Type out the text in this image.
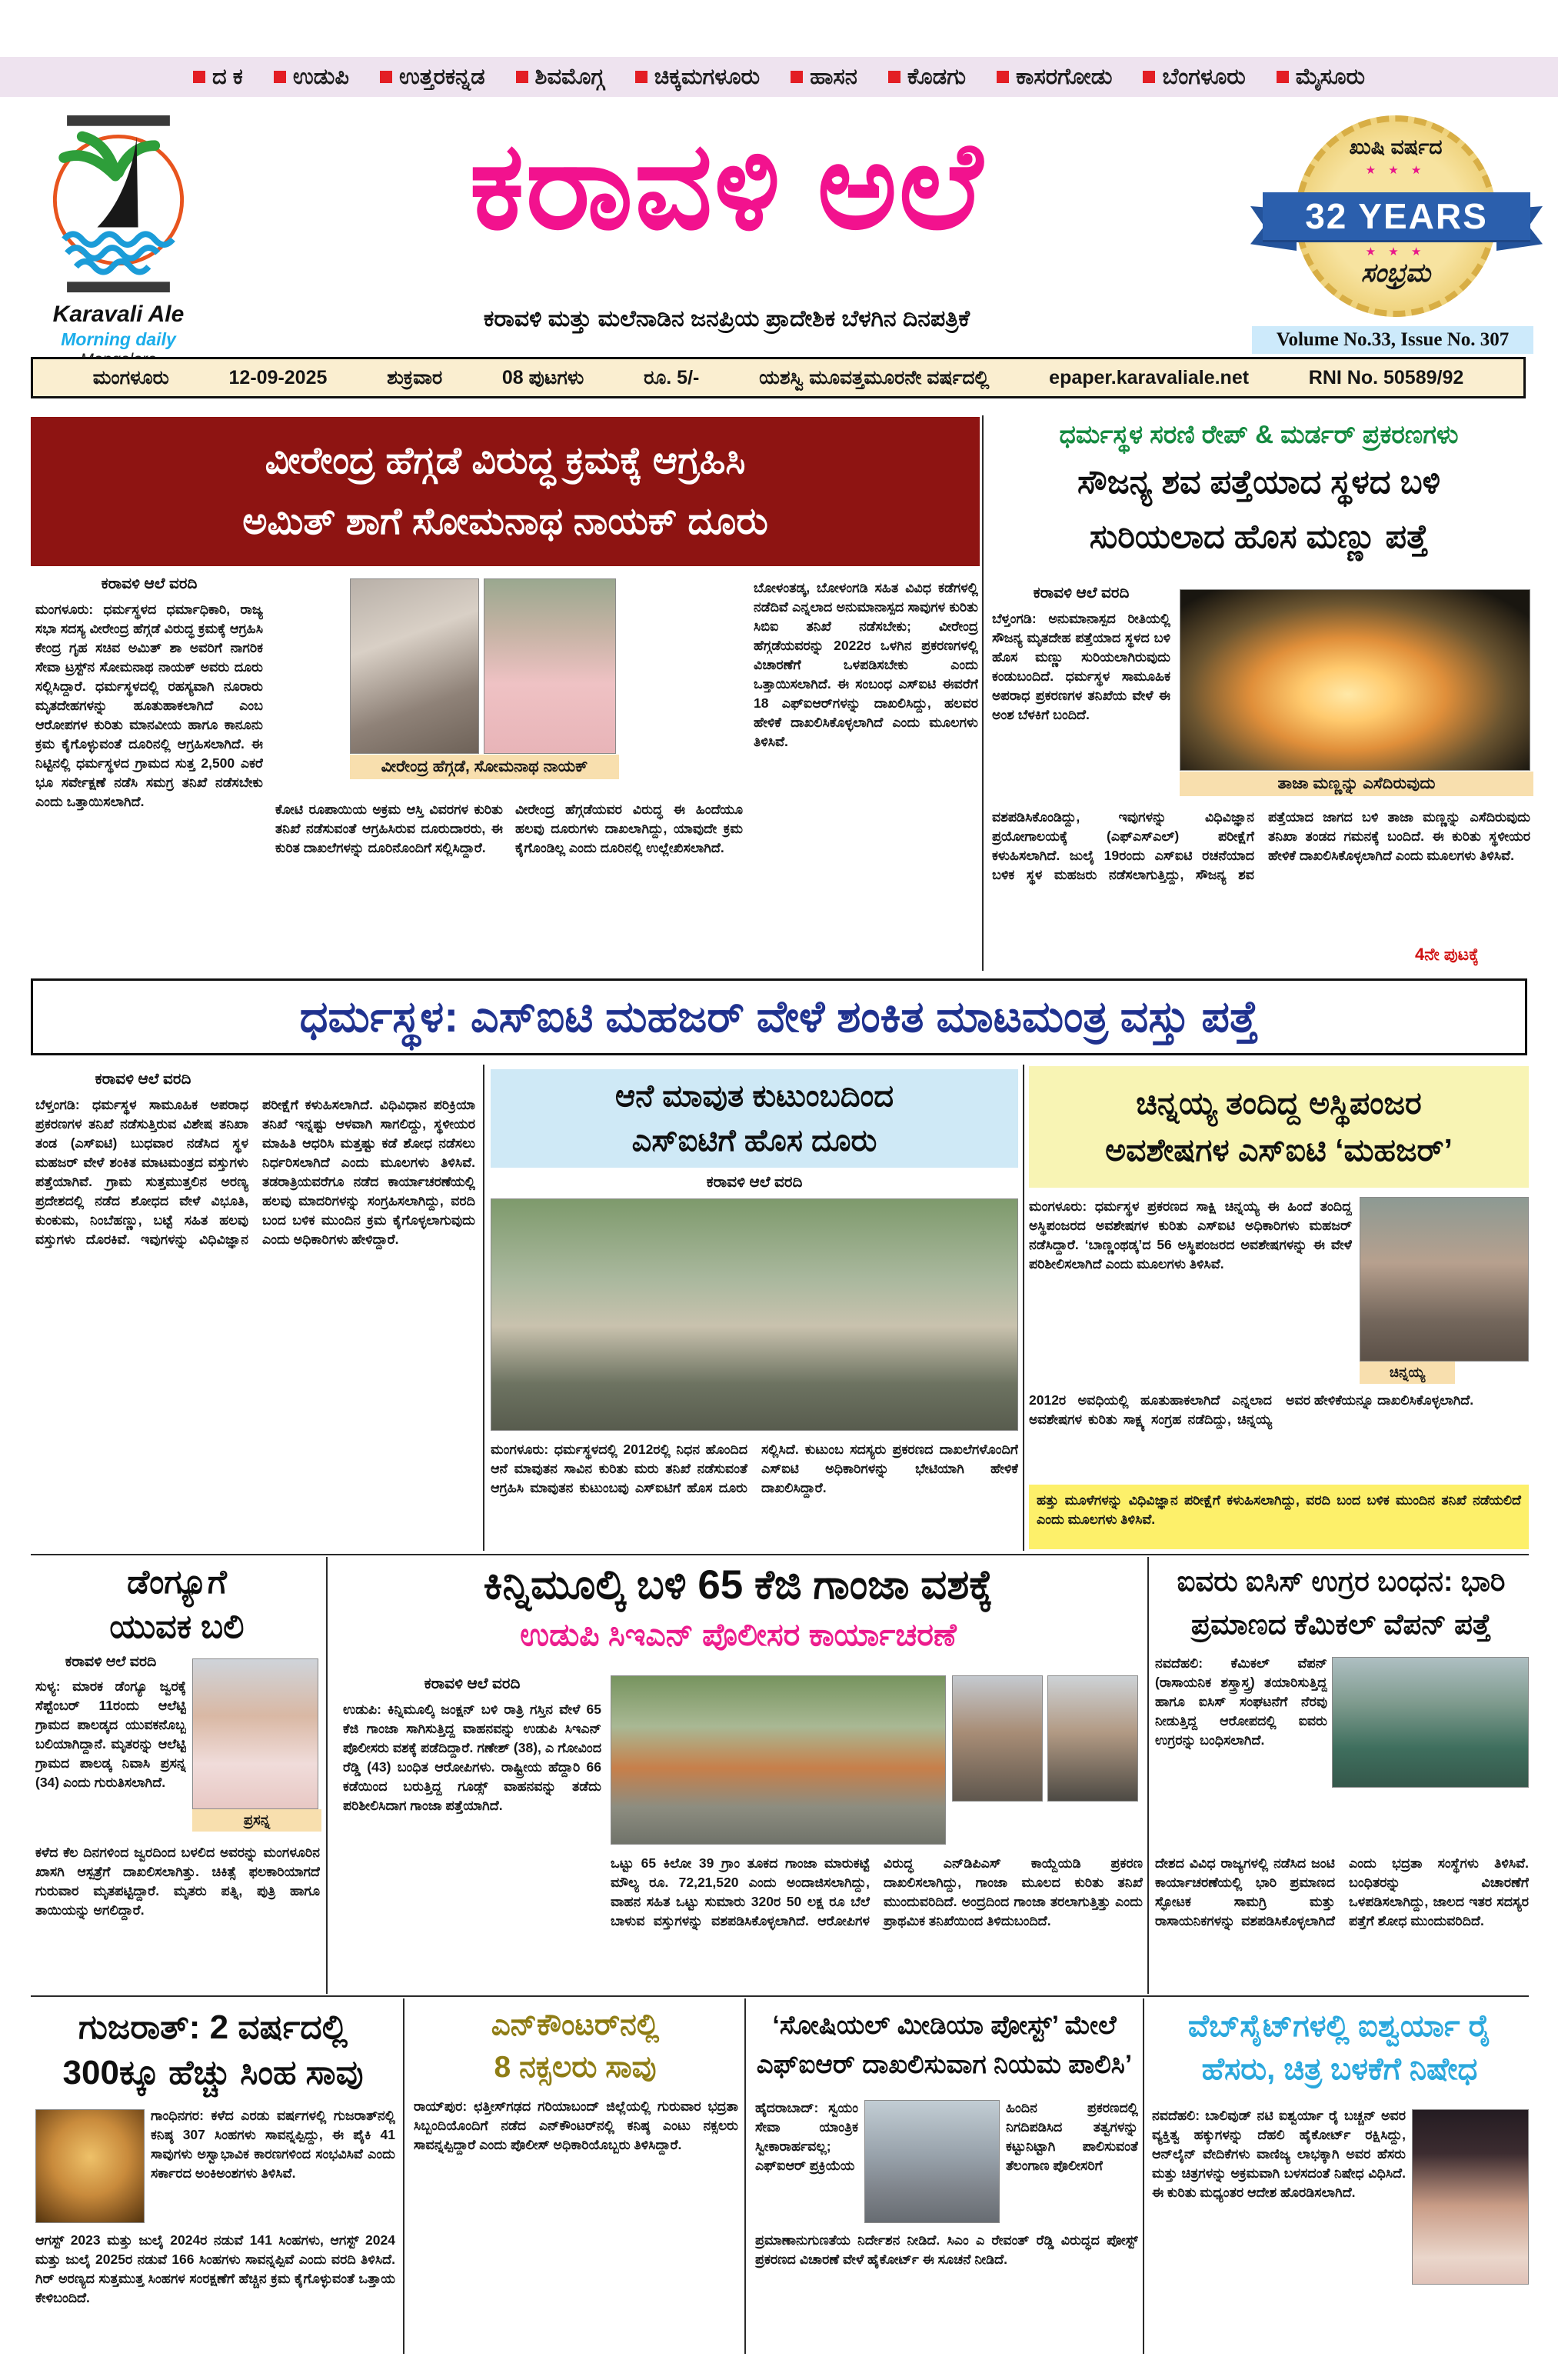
ದ ಕ ಉಡುಪಿ ಉತ್ತರಕನ್ನಡ ಶಿವಮೊಗ್ಗ ಚಿಕ್ಕಮಗಳೂರು ಹಾಸನ ಕೊಡಗು ಕಾಸರಗೋಡು ಬೆಂಗಳೂರು ಮೈಸೂರು
Karavali Ale
Morning daily
ಕರಾವಳಿ ಅಲೆ
ಕರಾವಳಿ ಮತ್ತು ಮಲೆನಾಡಿನ ಜನಪ್ರಿಯ ಪ್ರಾದೇಶಿಕ ಬೆಳಗಿನ ದಿನಪತ್ರಿಕೆ
ಖುಷಿ ವರ್ಷದ
★ ★ ★
32 YEARS
★ ★ ★
ಸಂಭ್ರಮ
Volume No.33, Issue No. 307
ಮಂಗಳೂರು	12-09-2025	ಶುಕ್ರವಾರ	08 ಪುಟಗಳು	ರೂ. 5/-	ಯಶಸ್ವಿ ಮೂವತ್ತಮೂರನೇ ವರ್ಷದಲ್ಲಿ	epaper.karavaliale.net	RNI No. 50589/92
ವೀರೇಂದ್ರ ಹೆಗ್ಗಡೆ ವಿರುದ್ಧ ಕ್ರಮಕ್ಕೆ ಆಗ್ರಹಿಸಿ
ಅಮಿತ್ ಶಾಗೆ ಸೋಮನಾಥ ನಾಯಕ್ ದೂರು
ಕರಾವಳಿ ಆಲೆ ವರದಿ
ಮಂಗಳೂರು: ಧರ್ಮಸ್ಥಳದ ಧರ್ಮಾಧಿಕಾರಿ, ರಾಜ್ಯ ಸಭಾ ಸದಸ್ಯ ವೀರೇಂದ್ರ ಹೆಗ್ಗಡೆ ವಿರುದ್ಧ ಕ್ರಮಕ್ಕೆ ಆಗ್ರಹಿಸಿ ಕೇಂದ್ರ ಗೃಹ ಸಚಿವ ಅಮಿತ್ ಶಾ ಅವರಿಗೆ ನಾಗರಿಕ ಸೇವಾ ಟ್ರಸ್ಟ್‌ನ ಸೋಮನಾಥ ನಾಯಕ್ ಅವರು ದೂರು ಸಲ್ಲಿಸಿದ್ದಾರೆ. ಧರ್ಮಸ್ಥಳದಲ್ಲಿ ರಹಸ್ಯವಾಗಿ ನೂರಾರು ಮೃತದೇಹಗಳನ್ನು ಹೂತುಹಾಕಲಾಗಿದೆ ಎಂಬ ಆರೋಪಗಳ ಕುರಿತು ಮಾನವೀಯ ಹಾಗೂ ಕಾನೂನು ಕ್ರಮ ಕೈಗೊಳ್ಳುವಂತೆ ದೂರಿನಲ್ಲಿ ಆಗ್ರಹಿಸಲಾಗಿದೆ. ಈ ನಿಟ್ಟಿನಲ್ಲಿ ಧರ್ಮಸ್ಥಳದ ಗ್ರಾಮದ ಸುತ್ತ 2,500 ಎಕರೆ ಭೂ ಸರ್ವೇಕ್ಷಣೆ ನಡೆಸಿ ಸಮಗ್ರ ತನಿಖೆ ನಡೆಸಬೇಕು ಎಂದು ಒತ್ತಾಯಿಸಲಾಗಿದೆ.
ವೀರೇಂದ್ರ ಹೆಗ್ಗಡೆ, ಸೋಮನಾಥ ನಾಯಕ್
ಕೋಟಿ ರೂಪಾಯಿಯ ಅಕ್ರಮ ಆಸ್ತಿ ವಿವರಗಳ ಕುರಿತು ತನಿಖೆ ನಡೆಸುವಂತೆ ಆಗ್ರಹಿಸಿರುವ ದೂರುದಾರರು, ಈ ಕುರಿತ ದಾಖಲೆಗಳನ್ನು ದೂರಿನೊಂದಿಗೆ ಸಲ್ಲಿಸಿದ್ದಾರೆ.
ವೀರೇಂದ್ರ ಹೆಗ್ಗಡೆಯವರ ವಿರುದ್ಧ ಈ ಹಿಂದೆಯೂ ಹಲವು ದೂರುಗಳು ದಾಖಲಾಗಿದ್ದು, ಯಾವುದೇ ಕ್ರಮ ಕೈಗೊಂಡಿಲ್ಲ ಎಂದು ದೂರಿನಲ್ಲಿ ಉಲ್ಲೇಖಿಸಲಾಗಿದೆ.
ಬೋಳಂತಡ್ಕ, ಬೋಳಂಗಡಿ ಸಹಿತ ವಿವಿಧ ಕಡೆಗಳಲ್ಲಿ ನಡೆದಿವೆ ಎನ್ನಲಾದ ಅನುಮಾನಾಸ್ಪದ ಸಾವುಗಳ ಕುರಿತು ಸಿಬಿಐ ತನಿಖೆ ನಡೆಸಬೇಕು; ವೀರೇಂದ್ರ ಹೆಗ್ಗಡೆಯವರನ್ನು 2022ರ ಒಳಗಿನ ಪ್ರಕರಣಗಳಲ್ಲಿ ವಿಚಾರಣೆಗೆ ಒಳಪಡಿಸಬೇಕು ಎಂದು ಒತ್ತಾಯಿಸಲಾಗಿದೆ. ಈ ಸಂಬಂಧ ಎಸ್‌ಐಟಿ ಈವರೆಗೆ 18 ಎಫ್‌ಐಆರ್‌ಗಳನ್ನು ದಾಖಲಿಸಿದ್ದು, ಹಲವರ ಹೇಳಿಕೆ ದಾಖಲಿಸಿಕೊಳ್ಳಲಾಗಿದೆ ಎಂದು ಮೂಲಗಳು ತಿಳಿಸಿವೆ.
ಧರ್ಮಸ್ಥಳ ಸರಣಿ ರೇಪ್ & ಮರ್ಡರ್ ಪ್ರಕರಣಗಳು
ಸೌಜನ್ಯ ಶವ ಪತ್ತೆಯಾದ ಸ್ಥಳದ ಬಳಿ
ಸುರಿಯಲಾದ ಹೊಸ ಮಣ್ಣು ಪತ್ತೆ
ಕರಾವಳಿ ಆಲೆ ವರದಿ
ತಾಜಾ ಮಣ್ಣನ್ನು ಎಸೆದಿರುವುದು
ಬೆಳ್ತಂಗಡಿ: ಅನುಮಾನಾಸ್ಪದ ರೀತಿಯಲ್ಲಿ ಸೌಜನ್ಯ ಮೃತದೇಹ ಪತ್ತೆಯಾದ ಸ್ಥಳದ ಬಳಿ ಹೊಸ ಮಣ್ಣು ಸುರಿಯಲಾಗಿರುವುದು ಕಂಡುಬಂದಿದೆ. ಧರ್ಮಸ್ಥಳ ಸಾಮೂಹಿಕ ಅಪರಾಧ ಪ್ರಕರಣಗಳ ತನಿಖೆಯ ವೇಳೆ ಈ ಅಂಶ ಬೆಳಕಿಗೆ ಬಂದಿದೆ.
ವಶಪಡಿಸಿಕೊಂಡಿದ್ದು, ಇವುಗಳನ್ನು ವಿಧಿವಿಜ್ಞಾನ ಪ್ರಯೋಗಾಲಯಕ್ಕೆ (ಎಫ್‌ಎಸ್‌ಎಲ್) ಪರೀಕ್ಷೆಗೆ ಕಳುಹಿಸಲಾಗಿದೆ. ಜುಲೈ 19ರಂದು ಎಸ್‌ಐಟಿ ರಚನೆಯಾದ ಬಳಿಕ ಸ್ಥಳ ಮಹಜರು ನಡೆಸಲಾಗುತ್ತಿದ್ದು, ಸೌಜನ್ಯ ಶವ ಪತ್ತೆಯಾದ ಜಾಗದ ಬಳಿ ತಾಜಾ ಮಣ್ಣನ್ನು ಎಸೆದಿರುವುದು ತನಿಖಾ ತಂಡದ ಗಮನಕ್ಕೆ ಬಂದಿದೆ. ಈ ಕುರಿತು ಸ್ಥಳೀಯರ ಹೇಳಿಕೆ ದಾಖಲಿಸಿಕೊಳ್ಳಲಾಗಿದೆ ಎಂದು ಮೂಲಗಳು ತಿಳಿಸಿವೆ.
4ನೇ ಪುಟಕ್ಕೆ
ಧರ್ಮಸ್ಥಳ: ಎಸ್‌ಐಟಿ ಮಹಜರ್ ವೇಳೆ ಶಂಕಿತ ಮಾಟಮಂತ್ರ ವಸ್ತು ಪತ್ತೆ
ಕರಾವಳಿ ಆಲೆ ವರದಿ
ಬೆಳ್ತಂಗಡಿ: ಧರ್ಮಸ್ಥಳ ಸಾಮೂಹಿಕ ಅಪರಾಧ ಪ್ರಕರಣಗಳ ತನಿಖೆ ನಡೆಸುತ್ತಿರುವ ವಿಶೇಷ ತನಿಖಾ ತಂಡ (ಎಸ್‌ಐಟಿ) ಬುಧವಾರ ನಡೆಸಿದ ಸ್ಥಳ ಮಹಜರ್ ವೇಳೆ ಶಂಕಿತ ಮಾಟಮಂತ್ರದ ವಸ್ತುಗಳು ಪತ್ತೆಯಾಗಿವೆ. ಗ್ರಾಮ ಸುತ್ತಮುತ್ತಲಿನ ಅರಣ್ಯ ಪ್ರದೇಶದಲ್ಲಿ ನಡೆದ ಶೋಧದ ವೇಳೆ ವಿಭೂತಿ, ಕುಂಕುಮ, ನಿಂಬೆಹಣ್ಣು, ಬಟ್ಟೆ ಸಹಿತ ಹಲವು ವಸ್ತುಗಳು ದೊರಕಿವೆ. ಇವುಗಳನ್ನು ವಿಧಿವಿಜ್ಞಾನ ಪರೀಕ್ಷೆಗೆ ಕಳುಹಿಸಲಾಗಿದೆ. ವಿಧಿವಿಧಾನ ಪರಿಕ್ರಿಯಾ ತನಿಖೆ ಇನ್ನಷ್ಟು ಆಳವಾಗಿ ಸಾಗಲಿದ್ದು, ಸ್ಥಳೀಯರ ಮಾಹಿತಿ ಆಧರಿಸಿ ಮತ್ತಷ್ಟು ಕಡೆ ಶೋಧ ನಡೆಸಲು ನಿರ್ಧರಿಸಲಾಗಿದೆ ಎಂದು ಮೂಲಗಳು ತಿಳಿಸಿವೆ. ತಡರಾತ್ರಿಯವರೆಗೂ ನಡೆದ ಕಾರ್ಯಾಚರಣೆಯಲ್ಲಿ ಹಲವು ಮಾದರಿಗಳನ್ನು ಸಂಗ್ರಹಿಸಲಾಗಿದ್ದು, ವರದಿ ಬಂದ ಬಳಿಕ ಮುಂದಿನ ಕ್ರಮ ಕೈಗೊಳ್ಳಲಾಗುವುದು ಎಂದು ಅಧಿಕಾರಿಗಳು ಹೇಳಿದ್ದಾರೆ.
ಆನೆ ಮಾವುತ ಕುಟುಂಬದಿಂದ
ಎಸ್‌ಐಟಿಗೆ ಹೊಸ ದೂರು
ಕರಾವಳಿ ಆಲೆ ವರದಿ
ಮಂಗಳೂರು: ಧರ್ಮಸ್ಥಳದಲ್ಲಿ 2012ರಲ್ಲಿ ನಿಧನ ಹೊಂದಿದ ಆನೆ ಮಾವುತನ ಸಾವಿನ ಕುರಿತು ಮರು ತನಿಖೆ ನಡೆಸುವಂತೆ ಆಗ್ರಹಿಸಿ ಮಾವುತನ ಕುಟುಂಬವು ಎಸ್‌ಐಟಿಗೆ ಹೊಸ ದೂರು ಸಲ್ಲಿಸಿದೆ. ಕುಟುಂಬ ಸದಸ್ಯರು ಪ್ರಕರಣದ ದಾಖಲೆಗಳೊಂದಿಗೆ ಎಸ್‌ಐಟಿ ಅಧಿಕಾರಿಗಳನ್ನು ಭೇಟಿಯಾಗಿ ಹೇಳಿಕೆ ದಾಖಲಿಸಿದ್ದಾರೆ.
ಚಿನ್ನಯ್ಯ ತಂದಿದ್ದ ಅಸ್ಥಿಪಂಜರ
ಅವಶೇಷಗಳ ಎಸ್‌ಐಟಿ ‘ಮಹಜರ್’
ಮಂಗಳೂರು: ಧರ್ಮಸ್ಥಳ ಪ್ರಕರಣದ ಸಾಕ್ಷಿ ಚಿನ್ನಯ್ಯ ಈ ಹಿಂದೆ ತಂದಿದ್ದ ಅಸ್ಥಿಪಂಜರದ ಅವಶೇಷಗಳ ಕುರಿತು ಎಸ್‌ಐಟಿ ಅಧಿಕಾರಿಗಳು ಮಹಜರ್ ನಡೆಸಿದ್ದಾರೆ. ‘ಬಾಣ್ಣಂಥಡ್ಕ’ದ 56 ಅಸ್ಥಿಪಂಜರದ ಅವಶೇಷಗಳನ್ನು ಈ ವೇಳೆ ಪರಿಶೀಲಿಸಲಾಗಿದೆ ಎಂದು ಮೂಲಗಳು ತಿಳಿಸಿವೆ.
ಚಿನ್ನಯ್ಯ
2012ರ ಅವಧಿಯಲ್ಲಿ ಹೂತುಹಾಕಲಾಗಿದೆ ಎನ್ನಲಾದ ಅವಶೇಷಗಳ ಕುರಿತು ಸಾಕ್ಷ್ಯ ಸಂಗ್ರಹ ನಡೆದಿದ್ದು, ಚಿನ್ನಯ್ಯ ಅವರ ಹೇಳಿಕೆಯನ್ನೂ ದಾಖಲಿಸಿಕೊಳ್ಳಲಾಗಿದೆ.
ಹತ್ತು ಮೂಳೆಗಳನ್ನು ವಿಧಿವಿಜ್ಞಾನ ಪರೀಕ್ಷೆಗೆ ಕಳುಹಿಸಲಾಗಿದ್ದು, ವರದಿ ಬಂದ ಬಳಿಕ ಮುಂದಿನ ತನಿಖೆ ನಡೆಯಲಿದೆ ಎಂದು ಮೂಲಗಳು ತಿಳಿಸಿವೆ.
ಡೆಂಗ್ಯೂಗೆ
ಯುವಕ ಬಲಿ
ಕರಾವಳಿ ಆಲೆ ವರದಿ
ಪ್ರಸನ್ನ
ಸುಳ್ಯ: ಮಾರಕ ಡೆಂಗ್ಯೂ ಜ್ವರಕ್ಕೆ ಸೆಪ್ಟೆಂಬರ್ 11ರಂದು ಆಲೆಟ್ಟಿ ಗ್ರಾಮದ ಪಾಲಡ್ಕದ ಯುವಕನೊಬ್ಬ ಬಲಿಯಾಗಿದ್ದಾನೆ. ಮೃತರನ್ನು ಆಲೆಟ್ಟಿ ಗ್ರಾಮದ ಪಾಲಡ್ಕ ನಿವಾಸಿ ಪ್ರಸನ್ನ (34) ಎಂದು ಗುರುತಿಸಲಾಗಿದೆ.
ಕಳೆದ ಕೆಲ ದಿನಗಳಿಂದ ಜ್ವರದಿಂದ ಬಳಲಿದ ಅವರನ್ನು ಮಂಗಳೂರಿನ ಖಾಸಗಿ ಆಸ್ಪತ್ರೆಗೆ ದಾಖಲಿಸಲಾಗಿತ್ತು. ಚಿಕಿತ್ಸೆ ಫಲಕಾರಿಯಾಗದೆ ಗುರುವಾರ ಮೃತಪಟ್ಟಿದ್ದಾರೆ. ಮೃತರು ಪತ್ನಿ, ಪುತ್ರಿ ಹಾಗೂ ತಾಯಿಯನ್ನು ಅಗಲಿದ್ದಾರೆ.
ಕಿನ್ನಿಮೂಲ್ಕಿ ಬಳಿ 65 ಕೆಜಿ ಗಾಂಜಾ ವಶಕ್ಕೆ
ಉಡುಪಿ ಸಿಇಎನ್ ಪೊಲೀಸರ ಕಾರ್ಯಾಚರಣೆ
ಕರಾವಳಿ ಆಲೆ ವರದಿ
ಉಡುಪಿ: ಕಿನ್ನಿಮೂಲ್ಕಿ ಜಂಕ್ಷನ್ ಬಳಿ ರಾತ್ರಿ ಗಸ್ತಿನ ವೇಳೆ 65 ಕೆಜಿ ಗಾಂಜಾ ಸಾಗಿಸುತ್ತಿದ್ದ ವಾಹನವನ್ನು ಉಡುಪಿ ಸಿಇಎನ್ ಪೊಲೀಸರು ವಶಕ್ಕೆ ಪಡೆದಿದ್ದಾರೆ. ಗಣೇಶ್ (38), ಎ ಗೋವಿಂದ ರೆಡ್ಡಿ (43) ಬಂಧಿತ ಆರೋಪಿಗಳು. ರಾಷ್ಟ್ರೀಯ ಹೆದ್ದಾರಿ 66 ಕಡೆಯಿಂದ ಬರುತ್ತಿದ್ದ ಗೂಡ್ಸ್ ವಾಹನವನ್ನು ತಡೆದು ಪರಿಶೀಲಿಸಿದಾಗ ಗಾಂಜಾ ಪತ್ತೆಯಾಗಿದೆ.
ಒಟ್ಟು 65 ಕಿಲೋ 39 ಗ್ರಾಂ ತೂಕದ ಗಾಂಜಾ ಮಾರುಕಟ್ಟೆ ಮೌಲ್ಯ ರೂ. 72,21,520 ಎಂದು ಅಂದಾಜಿಸಲಾಗಿದ್ದು, ವಾಹನ ಸಹಿತ ಒಟ್ಟು ಸುಮಾರು 320ರ 50 ಲಕ್ಷ ರೂ ಬೆಲೆ ಬಾಳುವ ವಸ್ತುಗಳನ್ನು ವಶಪಡಿಸಿಕೊಳ್ಳಲಾಗಿದೆ. ಆರೋಪಿಗಳ ವಿರುದ್ಧ ಎನ್‌ಡಿಪಿಎಸ್ ಕಾಯ್ದೆಯಡಿ ಪ್ರಕರಣ ದಾಖಲಿಸಲಾಗಿದ್ದು, ಗಾಂಜಾ ಮೂಲದ ಕುರಿತು ತನಿಖೆ ಮುಂದುವರಿದಿದೆ. ಅಂದ್ರದಿಂದ ಗಾಂಜಾ ತರಲಾಗುತ್ತಿತ್ತು ಎಂದು ಪ್ರಾಥಮಿಕ ತನಿಖೆಯಿಂದ ತಿಳಿದುಬಂದಿದೆ.
ಐವರು ಐಸಿಸ್ ಉಗ್ರರ ಬಂಧನ: ಭಾರಿ
ಪ್ರಮಾಣದ ಕೆಮಿಕಲ್ ವೆಪನ್ ಪತ್ತೆ
ನವದೆಹಲಿ: ಕೆಮಿಕಲ್ ವೆಪನ್ (ರಾಸಾಯನಿಕ ಶಸ್ತ್ರಾಸ್ತ್ರ) ತಯಾರಿಸುತ್ತಿದ್ದ ಹಾಗೂ ಐಸಿಸ್ ಸಂಘಟನೆಗೆ ನೆರವು ನೀಡುತ್ತಿದ್ದ ಆರೋಪದಲ್ಲಿ ಐವರು ಉಗ್ರರನ್ನು ಬಂಧಿಸಲಾಗಿದೆ.
ದೇಶದ ವಿವಿಧ ರಾಜ್ಯಗಳಲ್ಲಿ ನಡೆಸಿದ ಜಂಟಿ ಕಾರ್ಯಾಚರಣೆಯಲ್ಲಿ ಭಾರಿ ಪ್ರಮಾಣದ ಸ್ಫೋಟಕ ಸಾಮಗ್ರಿ ಮತ್ತು ರಾಸಾಯನಿಕಗಳನ್ನು ವಶಪಡಿಸಿಕೊಳ್ಳಲಾಗಿದೆ ಎಂದು ಭದ್ರತಾ ಸಂಸ್ಥೆಗಳು ತಿಳಿಸಿವೆ. ಬಂಧಿತರನ್ನು ವಿಚಾರಣೆಗೆ ಒಳಪಡಿಸಲಾಗಿದ್ದು, ಜಾಲದ ಇತರ ಸದಸ್ಯರ ಪತ್ತೆಗೆ ಶೋಧ ಮುಂದುವರಿದಿದೆ.
ಗುಜರಾತ್: 2 ವರ್ಷದಲ್ಲಿ
300ಕ್ಕೂ ಹೆಚ್ಚು ಸಿಂಹ ಸಾವು
ಗಾಂಧಿನಗರ: ಕಳೆದ ಎರಡು ವರ್ಷಗಳಲ್ಲಿ ಗುಜರಾತ್‌ನಲ್ಲಿ ಕನಿಷ್ಠ 307 ಸಿಂಹಗಳು ಸಾವನ್ನಪ್ಪಿದ್ದು, ಈ ಪೈಕಿ 41 ಸಾವುಗಳು ಅಸ್ವಾಭಾವಿಕ ಕಾರಣಗಳಿಂದ ಸಂಭವಿಸಿವೆ ಎಂದು ಸರ್ಕಾರದ ಅಂಕಿಅಂಶಗಳು ತಿಳಿಸಿವೆ.
ಆಗಸ್ಟ್ 2023 ಮತ್ತು ಜುಲೈ 2024ರ ನಡುವೆ 141 ಸಿಂಹಗಳು, ಆಗಸ್ಟ್ 2024 ಮತ್ತು ಜುಲೈ 2025ರ ನಡುವೆ 166 ಸಿಂಹಗಳು ಸಾವನ್ನಪ್ಪಿವೆ ಎಂದು ವರದಿ ತಿಳಿಸಿದೆ. ಗಿರ್ ಅರಣ್ಯದ ಸುತ್ತಮುತ್ತ ಸಿಂಹಗಳ ಸಂರಕ್ಷಣೆಗೆ ಹೆಚ್ಚಿನ ಕ್ರಮ ಕೈಗೊಳ್ಳುವಂತೆ ಒತ್ತಾಯ ಕೇಳಿಬಂದಿದೆ.
ಎನ್‌ಕೌಂಟರ್‌ನಲ್ಲಿ
8 ನಕ್ಸಲರು ಸಾವು
ರಾಯ್‌ಪುರ: ಛತ್ತೀಸ್‌ಗಢದ ಗರಿಯಾಬಂದ್ ಜಿಲ್ಲೆಯಲ್ಲಿ ಗುರುವಾರ ಭದ್ರತಾ ಸಿಬ್ಬಂದಿಯೊಂದಿಗೆ ನಡೆದ ಎನ್‌ಕೌಂಟರ್‌ನಲ್ಲಿ ಕನಿಷ್ಠ ಎಂಟು ನಕ್ಸಲರು ಸಾವನ್ನಪ್ಪಿದ್ದಾರೆ ಎಂದು ಪೊಲೀಸ್ ಅಧಿಕಾರಿಯೊಬ್ಬರು ತಿಳಿಸಿದ್ದಾರೆ.
‘ಸೋಷಿಯಲ್ ಮೀಡಿಯಾ ಪೋಸ್ಟ್’ ಮೇಲೆ
ಎಫ್‌ಐಆರ್ ದಾಖಲಿಸುವಾಗ ನಿಯಮ ಪಾಲಿಸಿ’
ಹೈದರಾಬಾದ್: ಸ್ವಯಂ ಸೇವಾ ಯಾಂತ್ರಿಕ ಸ್ವೀಕಾರಾರ್ಹವಲ್ಲ; ಎಫ್‌ಐಆರ್ ಪ್ರಕ್ರಿಯೆಯ
ಹಿಂದಿನ ಪ್ರಕರಣದಲ್ಲಿ ನಿಗದಿಪಡಿಸಿದ ತತ್ವಗಳನ್ನು ಕಟ್ಟುನಿಟ್ಟಾಗಿ ಪಾಲಿಸುವಂತೆ ತೆಲಂಗಾಣ ಪೊಲೀಸರಿಗೆ
ಪ್ರಮಾಣಾನುಗುಣತೆಯ ನಿರ್ದೇಶನ ನೀಡಿದೆ. ಸಿಎಂ ಎ ರೇವಂತ್ ರೆಡ್ಡಿ ವಿರುದ್ಧದ ಪೋಸ್ಟ್ ಪ್ರಕರಣದ ವಿಚಾರಣೆ ವೇಳೆ ಹೈಕೋರ್ಟ್ ಈ ಸೂಚನೆ ನೀಡಿದೆ.
ವೆಬ್‌ಸೈಟ್‌ಗಳಲ್ಲಿ ಐಶ್ವರ್ಯಾ ರೈ
ಹೆಸರು, ಚಿತ್ರ ಬಳಕೆಗೆ ನಿಷೇಧ
ನವದೆಹಲಿ: ಬಾಲಿವುಡ್ ನಟಿ ಐಶ್ವರ್ಯಾ ರೈ ಬಚ್ಚನ್ ಅವರ ವ್ಯಕ್ತಿತ್ವ ಹಕ್ಕುಗಳನ್ನು ದೆಹಲಿ ಹೈಕೋರ್ಟ್ ರಕ್ಷಿಸಿದ್ದು, ಆನ್‌ಲೈನ್ ವೇದಿಕೆಗಳು ವಾಣಿಜ್ಯ ಲಾಭಕ್ಕಾಗಿ ಅವರ ಹೆಸರು ಮತ್ತು ಚಿತ್ರಗಳನ್ನು ಅಕ್ರಮವಾಗಿ ಬಳಸದಂತೆ ನಿಷೇಧ ವಿಧಿಸಿದೆ. ಈ ಕುರಿತು ಮಧ್ಯಂತರ ಆದೇಶ ಹೊರಡಿಸಲಾಗಿದೆ.
